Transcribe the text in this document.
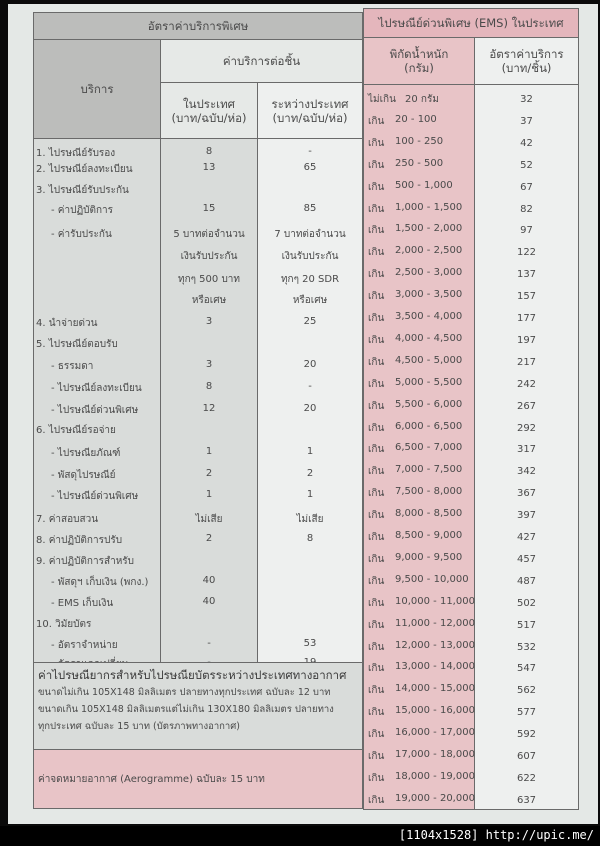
อัตราค่าบริการพิเศษ
บริการ
ค่าบริการต่อชิ้น
ในประเทศ
(บาท/ฉบับ/ห่อ)
ระหว่างประเทศ
(บาท/ฉบับ/ห่อ)
1. ไปรษณีย์รับรอง	8	-
2. ไปรษณีย์ลงทะเบียน	13	65
3. ไปรษณีย์รับประกัน
- ค่าปฏิบัติการ	15	85
- ค่ารับประกัน	5 บาทต่อจำนวน	7 บาทต่อจำนวน
เงินรับประกัน	เงินรับประกัน
ทุกๆ 500 บาท	ทุกๆ 20 SDR
หรือเศษ	หรือเศษ
4. นำจ่ายด่วน	3	25
5. ไปรษณีย์ตอบรับ
- ธรรมดา	3	20
- ไปรษณีย์ลงทะเบียน	8	-
- ไปรษณีย์ด่วนพิเศษ	12	20
6. ไปรษณีย์รอจ่าย
- ไปรษณียภัณฑ์	1	1
- พัสดุไปรษณีย์	2	2
- ไปรษณีย์ด่วนพิเศษ	1	1
7. ค่าสอบสวน	ไม่เสีย	ไม่เสีย
8. ค่าปฏิบัติการปรับ	2	8
9. ค่าปฏิบัติการสำหรับ
- พัสดุฯ เก็บเงิน (พกง.)	40
- EMS เก็บเงิน	40
10. วิมัยบัตร
- อัตราจำหน่าย	-	53
ค่าไปรษณียากรสำหรับไปรษณียบัตรระหว่างประเทศทางอากาศ
ขนาดไม่เกิน 105X148 มิลลิเมตร ปลายทางทุกประเทศ ฉบับละ 12 บาท
ขนาดเกิน 105X148 มิลลิเมตรแต่ไม่เกิน 130X180 มิลลิเมตร ปลายทาง
ทุกประเทศ ฉบับละ 15 บาท (บัตรภาพทางอากาศ)
ค่าจดหมายอากาศ (Aerogramme) ฉบับละ 15 บาท
ไปรษณีย์ด่วนพิเศษ (EMS) ในประเทศ
พิกัดน้ำหนัก
(กรัม)
อัตราค่าบริการ
(บาท/ชิ้น)
ไม่เกิน 20 กรัม	32
เกิน 20 - 100	37
เกิน 100 - 250	42
เกิน 250 - 500	52
เกิน 500 - 1,000	67
เกิน 1,000 - 1,500	82
เกิน 1,500 - 2,000	97
เกิน 2,000 - 2,500	122
เกิน 2,500 - 3,000	137
เกิน 3,000 - 3,500	157
เกิน 3,500 - 4,000	177
เกิน 4,000 - 4,500	197
เกิน 4,500 - 5,000	217
เกิน 5,000 - 5,500	242
เกิน 5,500 - 6,000	267
เกิน 6,000 - 6,500	292
เกิน 6,500 - 7,000	317
เกิน 7,000 - 7,500	342
เกิน 7,500 - 8,000	367
เกิน 8,000 - 8,500	397
เกิน 8,500 - 9,000	427
เกิน 9,000 - 9,500	457
เกิน 9,500 - 10,000	487
เกิน 10,000 - 11,000	502
เกิน 11,000 - 12,000	517
เกิน 12,000 - 13,000	532
เกิน 13,000 - 14,000	547
เกิน 14,000 - 15,000	562
เกิน 15,000 - 16,000	577
เกิน 16,000 - 17,000	592
เกิน 17,000 - 18,000	607
เกิน 18,000 - 19,000	622
เกิน 19,000 - 20,000	637
[1104x1528] http://upic.me/
